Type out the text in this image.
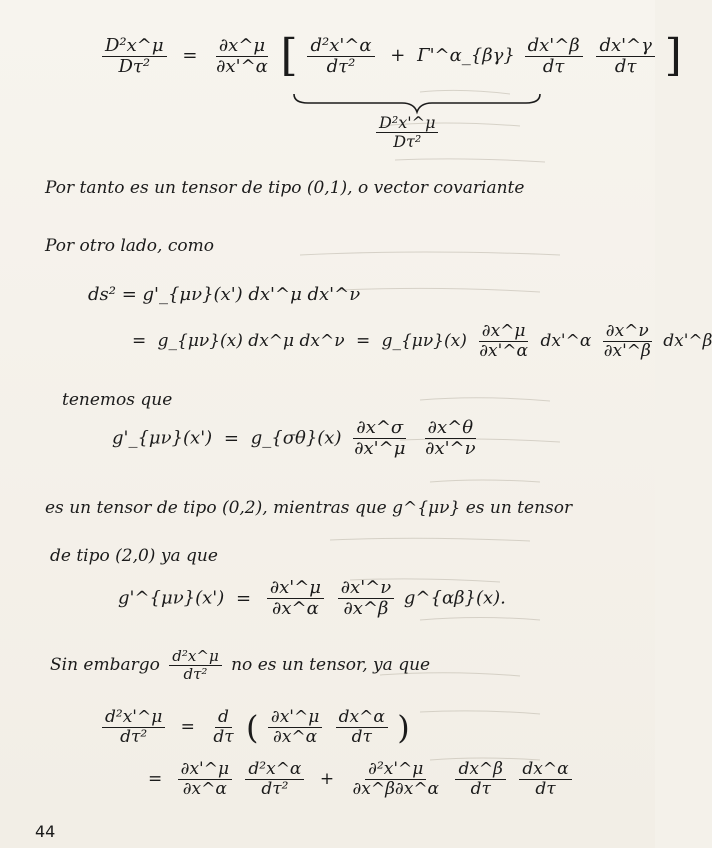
$\frac{\text{D²x\textasciicircum{}μ}}{\text{Dτ²}} = \frac{\partial x\^{}\mu}{\partial x'\^{}\alpha}$ [ $\frac{\text{d²x'\textasciicircum{}α}}{\text{dτ²}}$ + Γ'^α_{βγ} $\frac{dx'\^{}\beta}{d\tau}$
$\frac{dx'\^{}\gamma}{d\tau}$ ]
$\frac{\text{D²x'\textasciicircum{}μ}}{\text{Dτ²}}$
Por tanto es un tensor de tipo (0,1), o vector covariante
Por otro lado, como
ds² = g'_{μν}(x') dx'^μ dx'^ν
= g_{μν}(x) dx^μ dx^ν = g_{μν}(x) $\frac{\partial x\^{}\mu}{\partial x'\^{}\alpha}$ dx'^α $\frac{\partial x\^{}\nu}{\partial x'\^{}\beta}$ dx'^β
tenemos que
g'_{μν}(x') = g_{σθ}(x) $\frac{\partial x\^{}\sigma}{\partial x'\^{}\mu}$
$\frac{\partial x\^{}\theta}{\partial x'\^{}\nu}$
es un tensor de tipo (0,2), mientras que g^{μν} es un tensor
de tipo (2,0) ya que
g'^{μν}(x') = $\frac{\partial x'\^{}\mu}{\partial x\^{}\alpha}$
$\frac{\partial x'\^{}\nu}{\partial x\^{}\beta}$ g^{αβ}(x).
Sin embargo $\frac{\text{d²x\textasciicircum{}μ}}{\text{dτ²}}$ no es un tensor, ya que
$\frac{\text{d²x'\textasciicircum{}μ}}{\text{dτ²}} = \frac{d}{d\tau}$ ( $\frac{\partial x'\^{}\mu}{\partial x\^{}\alpha}$
$\frac{dx\^{}\alpha}{d\tau}$ )
= $\frac{\partial x'\^{}\mu}{\partial x\^{}\alpha}$
$\frac{\text{d²x\textasciicircum{}α}}{\text{dτ²}} + \frac{\text{∂²x'\textasciicircum{}μ}}{\partial x\^{}\beta\partial x\^{}\alpha}$
$\frac{dx\^{}\beta}{d\tau}$
$\frac{dx\^{}\alpha}{d\tau}$
44
